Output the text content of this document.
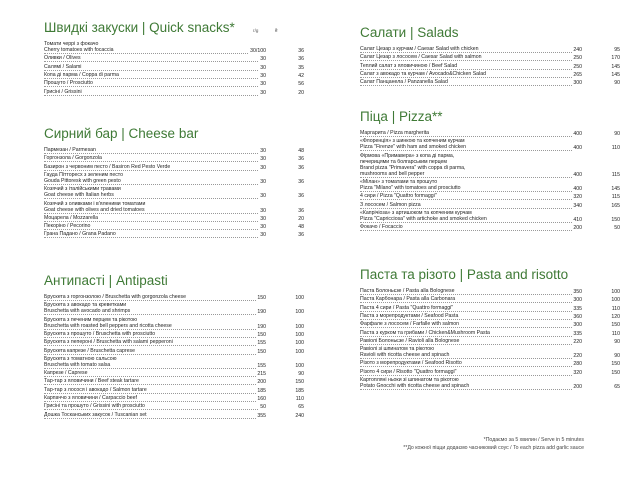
Швидкі закуски | Quick snacks*	г/g	₴
Томати черрі з фокачо
Cherry tomatoes with focaccia	30/100	36
Оливки / Olives	30	36
Салямі / Salami	30	35
Копа ді парма / Coppa di parma	30	42
Прошуто / Prosciutto	30	56
Грисіні / Grissini	30	20
Сирний бар | Cheese bar
Пармезан / Parmesan	30	48
Горгонзола / Gorgonzola	30	36
Базирон з червоним песто / Basiron Red Pesto Verde	30	36
Гауда Пітторесх з зеленим песто
Gouda Pittoresk with green pesto	30	36
Козячий з італійськими травами
Goat cheese with Italian herbs	30	36
Козячий з оливками і в'яленими томатами
Goat cheese with olives and dried tomatoes	30	36
Моцарела / Mozzarella	30	20
Пекоріно / Pecorino	30	48
Грана Падано / Grana Padano	30	36
Антипасті | Antipasti
Брускета з горгонзолою / Bruschetta with gorgonzola cheese	150	100
Брускета з авокадо та креветками
Bruschetta with avocado and shrimps	190	100
Брускета з печеним перцем та рікотою
Bruschetta with roasted bell peppers and ricotta cheese	190	100
Брускета з прошуто / Bruschetta with prosciutto	150	100
Брускета з пепероні / Bruschetta with salami pepperoni	155	100
Брускета капрезе / Bruschetta caprese	150	100
Брускета з томатною сальсою
Bruschetta with tomato salsa	155	100
Капрезе / Caprese	215	90
Тар-тар з яловичини / Beef steak tartare	200	150
Тар-тар з лосося і авокадо / Salmon tartare	185	185
Карпаччо з яловичини / Carpaccio beef	160	110
Грисіні та прошуто / Grissini with prosciutto	50	65
Дошка Тосканських закусок / Tuscanian set	355	240
Салати | Salads
Салат Цезар з курчам / Caesar Salad with chicken	240	95
Салат Цезар з лососем / Caesar Salad with salmon	250	170
Теплий салат з яловичиною / Beef Salad	250	145
Салат з авокадо та курчам / Avocado&Chicken Salad	265	145
Салат Панцанела / Panzanella Salad	300	90
Піца | Pizza**
Маргарита / Pizza margherita	400	90
«Флоренція» з шинкою та копченим курчам
Pizza "Firenze" with ham and smoked chicken	400	110
Фірмова «Примавера» з копа ді парма,
печерицями та болгарським перцем
Brand pizza "Primavera" with coppa di parma,
mushrooms and bell pepper	400	115
«Мілан» з томатами та прошуто
Pizza "Milano" with tomatoes and prosciutto	400	145
4 сири / Pizza "Quattro formaggi"	320	115
З лососем / Salmon pizza	340	165
«Капрічіоза» з артишоком та копченим курчам
Pizza "Capricciosa" with artichoke and smoked chicken	410	150
Фокачо / Focaccio	200	50
Паста та різото | Pasta and risotto
Паста Болоньєзе / Pasta alla Bolognese	350	100
Паста Карбонара / Pasta alla Carbonara	300	100
Паста 4 сири / Pasta "Quattro formaggi"	335	110
Паста з морепродуктами / Seafood Pasta	360	120
Фарфале з лососем / Farfalle with salmon	300	150
Паста з курком та грибами / Chicken&Mushroom Pasta	335	110
Равіолі Болоньєзе / Ravioli alla Bolognese	220	90
Равіолі зі шпинатом та рікотою
Ravioli with ricotta cheese and spinach	220	90
Різото з морепродуктами / Seafood Risotto	280	150
Різото 4 сири / Risotto "Quattro formaggi"	320	150
Картопляні ньоки зі шпинатом та рікотою
Potato Gnocchi with ricotta cheese and spinach	200	65
*Подаємо за 5 хвилин / Serve in 5 minutes
**До кожної піцци додаємо часниковий соус / To each pizza add garlic sauce
